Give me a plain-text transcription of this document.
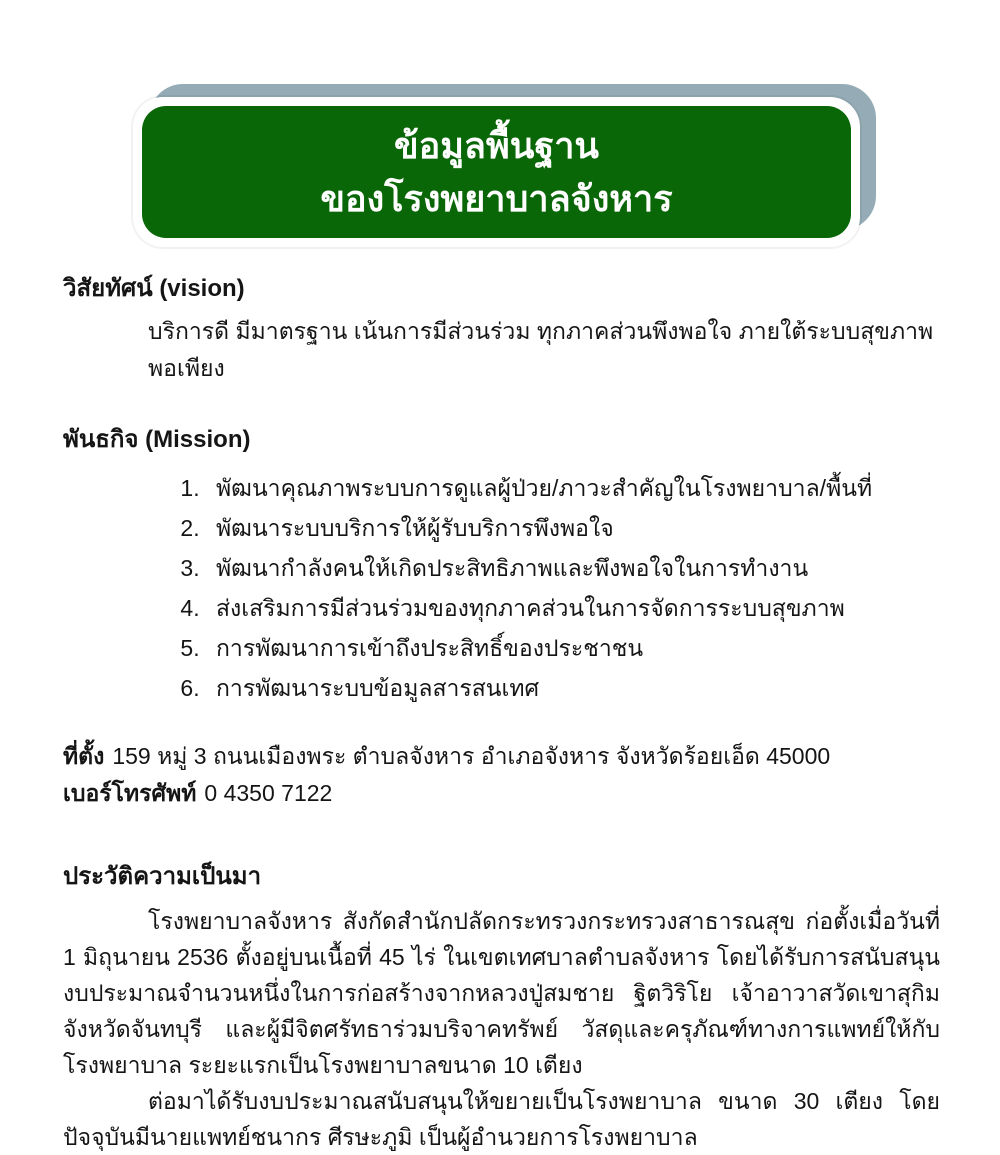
ข้อมูลพื้นฐาน
ของโรงพยาบาลจังหาร

วิสัยทัศน์ (vision)

บริการดี มีมาตรฐาน เน้นการมีส่วนร่วม ทุกภาคส่วนพึงพอใจ ภายใต้ระบบสุขภาพพอเพียง

พันธกิจ (Mission)

1. พัฒนาคุณภาพระบบการดูแลผู้ป่วย/ภาวะสำคัญในโรงพยาบาล/พื้นที่
2. พัฒนาระบบบริการให้ผู้รับบริการพึงพอใจ
3. พัฒนากำลังคนให้เกิดประสิทธิภาพและพึงพอใจในการทำงาน
4. ส่งเสริมการมีส่วนร่วมของทุกภาคส่วนในการจัดการระบบสุขภาพ
5. การพัฒนาการเข้าถึงประสิทธิ์ของประชาชน
6. การพัฒนาระบบข้อมูลสารสนเทศ

ที่ตั้ง 159 หมู่ 3 ถนนเมืองพระ ตำบลจังหาร อำเภอจังหาร จังหวัดร้อยเอ็ด 45000

เบอร์โทรศัพท์ 0 4350 7122

ประวัติความเป็นมา

โรงพยาบาลจังหาร สังกัดสำนักปลัดกระทรวงกระทรวงสาธารณสุข ก่อตั้งเมื่อวันที่ 1 มิถุนายน 2536 ตั้งอยู่บนเนื้อที่ 45 ไร่ ในเขตเทศบาลตำบลจังหาร โดยได้รับการสนับสนุนงบประมาณจำนวนหนึ่งในการก่อสร้างจากหลวงปู่สมชาย ฐิตวิริโย เจ้าอาวาสวัดเขาสุกิม จังหวัดจันทบุรี และผู้มีจิตศรัทธาร่วมบริจาคทรัพย์ วัสดุและครุภัณฑ์ทางการแพทย์ให้กับโรงพยาบาล ระยะแรกเป็นโรงพยาบาลขนาด 10 เตียง

ต่อมาได้รับงบประมาณสนับสนุนให้ขยายเป็นโรงพยาบาล ขนาด 30 เตียง โดยปัจจุบันมีนายแพทย์ชนากร ศีรษะภูมิ เป็นผู้อำนวยการโรงพยาบาล
